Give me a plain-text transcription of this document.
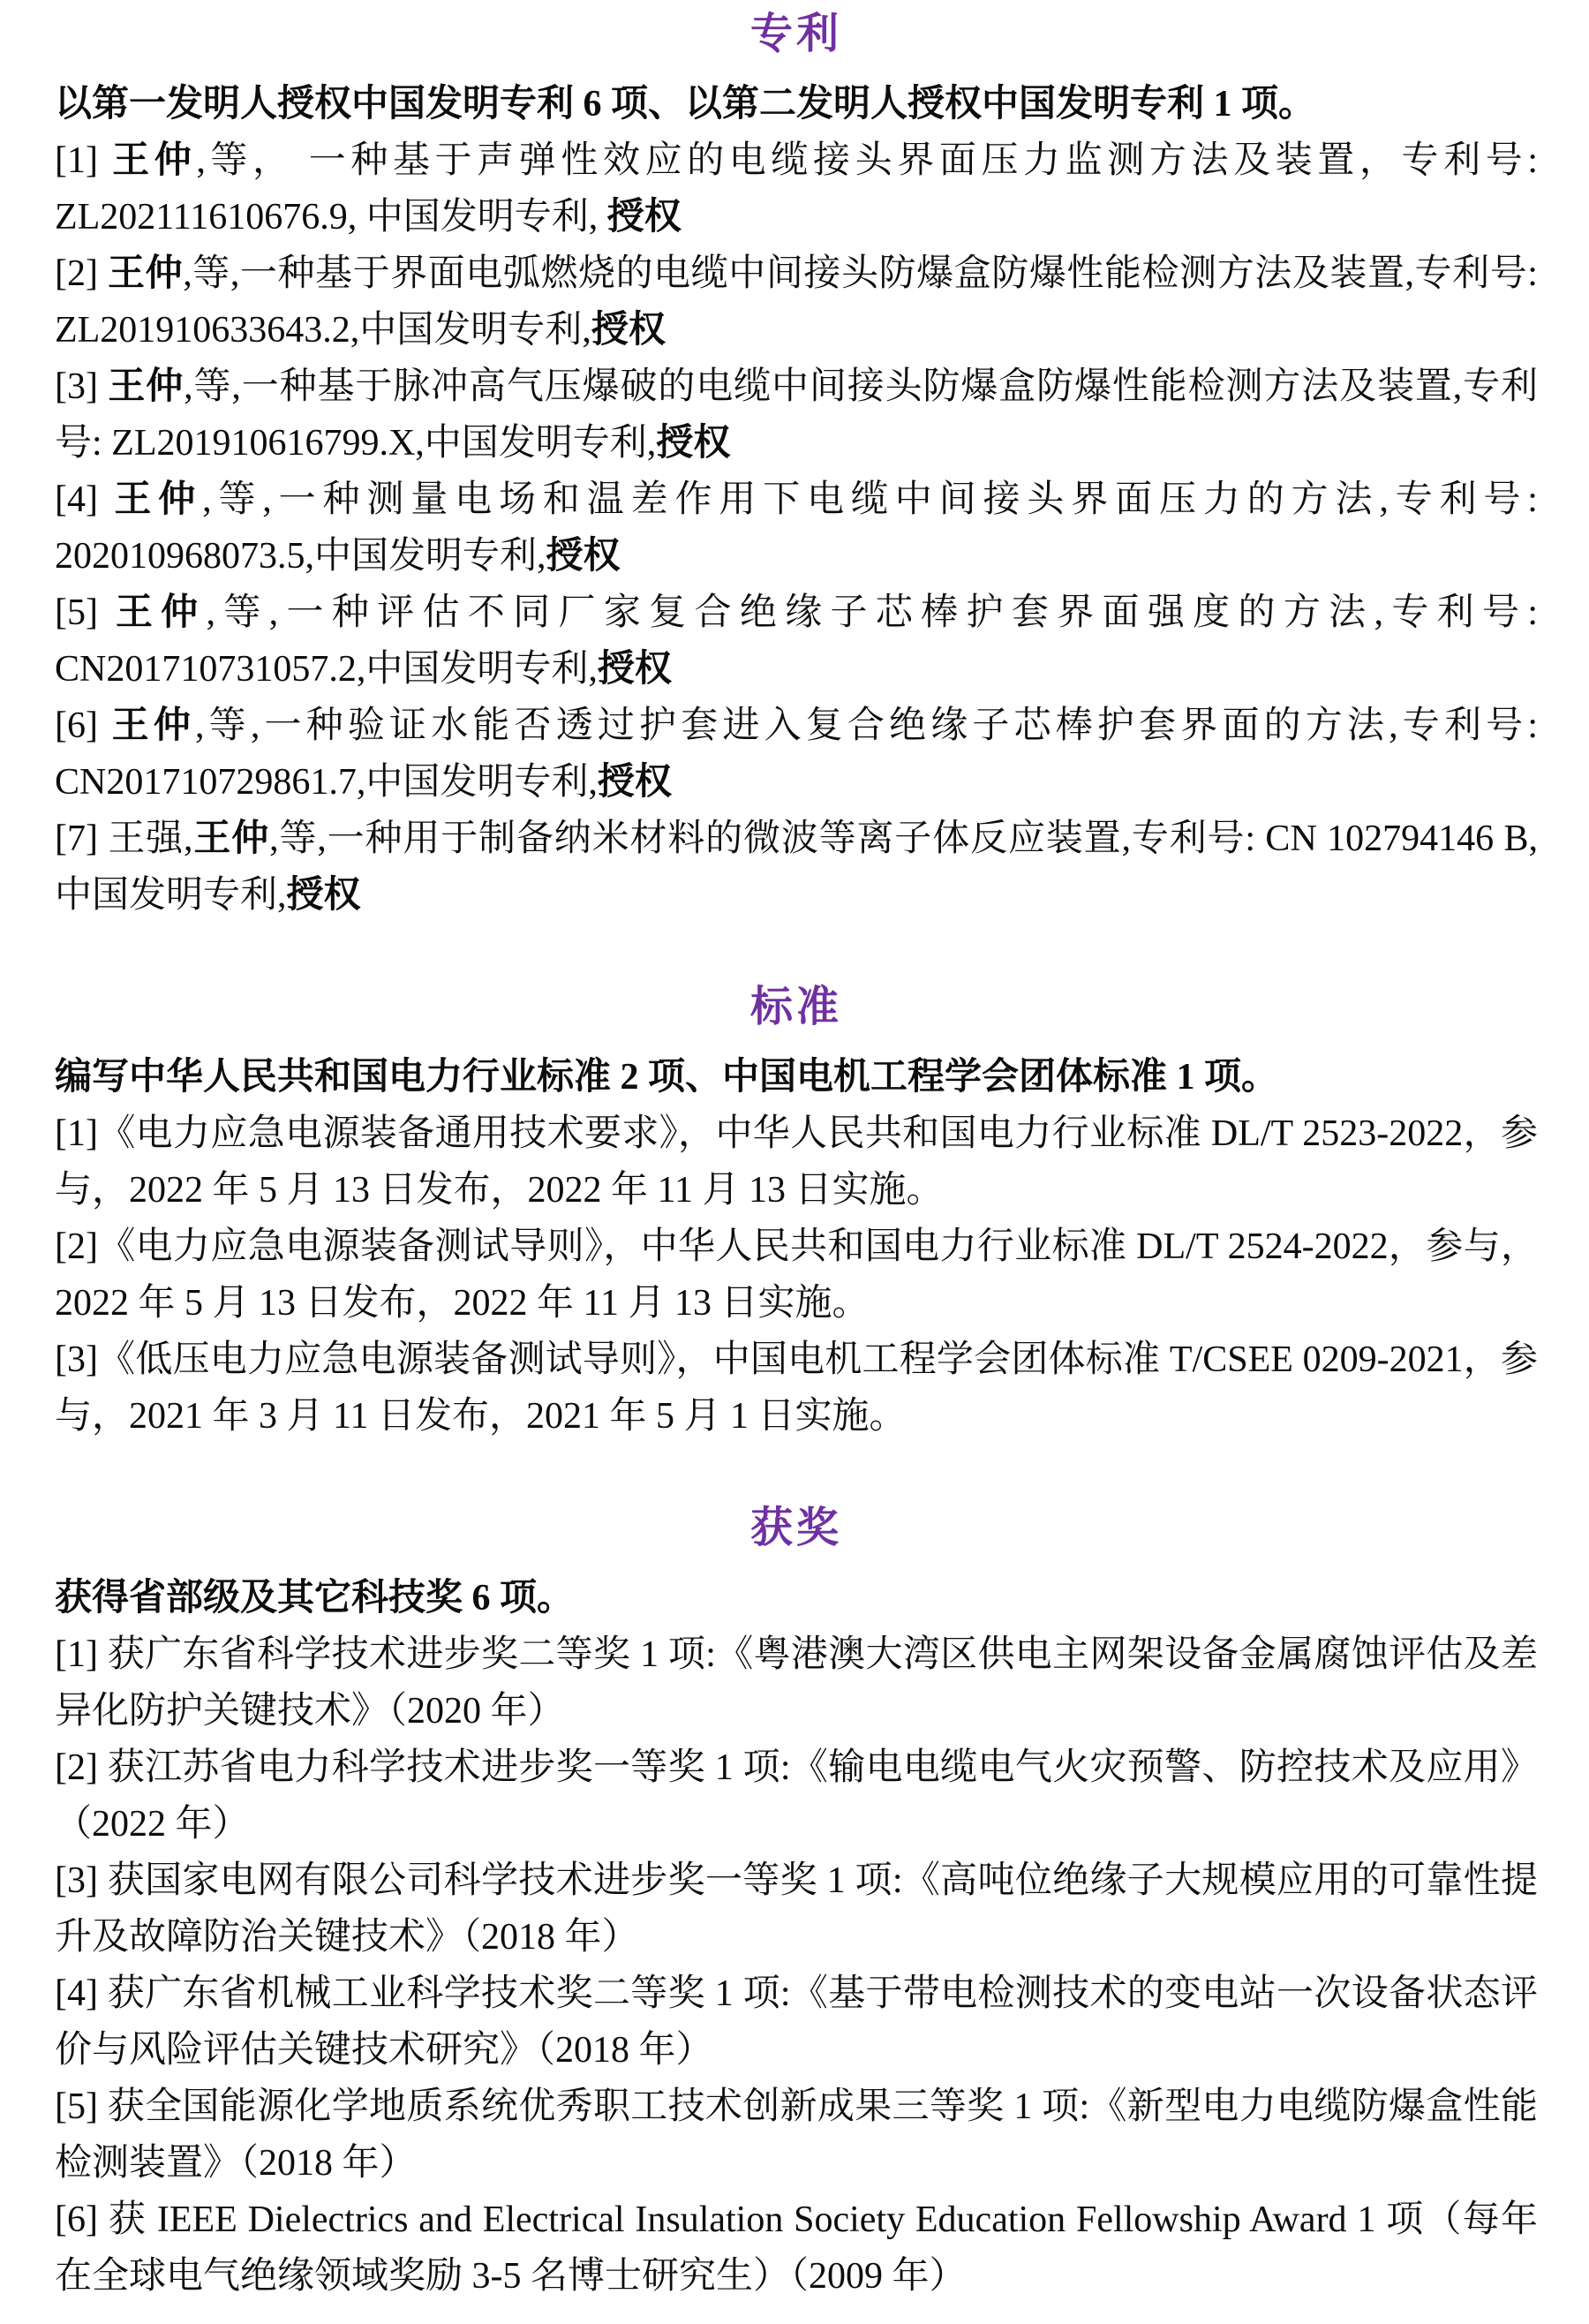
专利

以第一发明人授权中国发明专利 6 项、以第二发明人授权中国发明专利 1 项。

[1] 王仲,等， 一种基于声弹性效应的电缆接头界面压力监测方法及装置，专利号: ZL202111610676.9, 中国发明专利, 授权

[2] 王仲,等,一种基于界面电弧燃烧的电缆中间接头防爆盒防爆性能检测方法及装置,专利号: ZL201910633643.2,中国发明专利,授权

[3] 王仲,等,一种基于脉冲高气压爆破的电缆中间接头防爆盒防爆性能检测方法及装置,专利号: ZL201910616799.X,中国发明专利,授权

[4] 王仲,等,一种测量电场和温差作用下电缆中间接头界面压力的方法,专利号: 202010968073.5,中国发明专利,授权

[5] 王仲,等,一种评估不同厂家复合绝缘子芯棒护套界面强度的方法,专利号: CN201710731057.2,中国发明专利,授权

[6] 王仲,等,一种验证水能否透过护套进入复合绝缘子芯棒护套界面的方法,专利号: CN201710729861.7,中国发明专利,授权

[7] 王强,王仲,等,一种用于制备纳米材料的微波等离子体反应装置,专利号: CN 102794146 B,中国发明专利,授权

标准

编写中华人民共和国电力行业标准 2 项、中国电机工程学会团体标准 1 项。

[1]《电力应急电源装备通用技术要求》，中华人民共和国电力行业标准 DL/T 2523-2022，参与，2022 年 5 月 13 日发布，2022 年 11 月 13 日实施。

[2]《电力应急电源装备测试导则》，中华人民共和国电力行业标准 DL/T 2524-2022，参与，2022 年 5 月 13 日发布，2022 年 11 月 13 日实施。

[3]《低压电力应急电源装备测试导则》，中国电机工程学会团体标准 T/CSEE 0209-2021，参与，2021 年 3 月 11 日发布，2021 年 5 月 1 日实施。

获奖

获得省部级及其它科技奖 6 项。

[1] 获广东省科学技术进步奖二等奖 1 项:《粤港澳大湾区供电主网架设备金属腐蚀评估及差异化防护关键技术》（2020 年）

[2] 获江苏省电力科学技术进步奖一等奖 1 项:《输电电缆电气火灾预警、防控技术及应用》（2022 年）

[3] 获国家电网有限公司科学技术进步奖一等奖 1 项:《高吨位绝缘子大规模应用的可靠性提升及故障防治关键技术》（2018 年）

[4] 获广东省机械工业科学技术奖二等奖 1 项:《基于带电检测技术的变电站一次设备状态评价与风险评估关键技术研究》（2018 年）

[5] 获全国能源化学地质系统优秀职工技术创新成果三等奖 1 项:《新型电力电缆防爆盒性能检测装置》（2018 年）

[6] 获 IEEE Dielectrics and Electrical Insulation Society Education Fellowship Award 1 项（每年在全球电气绝缘领域奖励 3-5 名博士研究生）（2009 年）
